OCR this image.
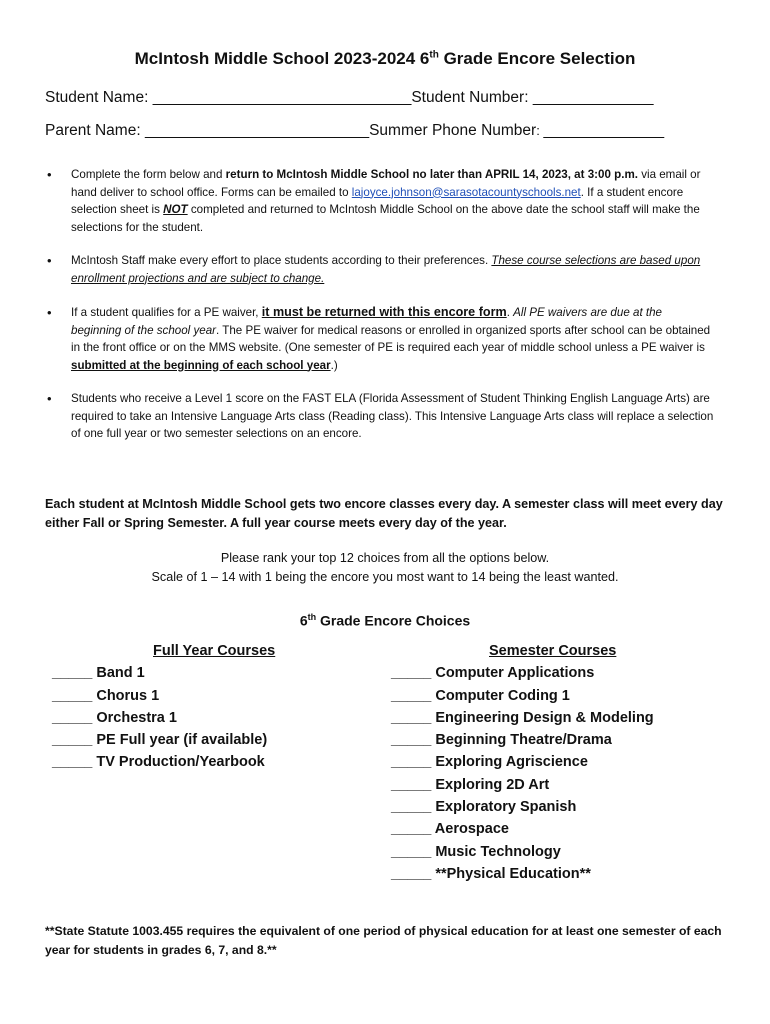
McIntosh Middle School 2023-2024 6th Grade Encore Selection
Student Name: ______________________________Student Number: ______________
Parent Name: __________________________Summer Phone Number: ______________
• Complete the form below and return to McIntosh Middle School no later than APRIL 14, 2023, at 3:00 p.m. via email or hand deliver to school office. Forms can be emailed to lajoyce.johnson@sarasotacountyschools.net. If a student encore selection sheet is NOT completed and returned to McIntosh Middle School on the above date the school staff will make the selections for the student.
• McIntosh Staff make every effort to place students according to their preferences. These course selections are based upon enrollment projections and are subject to change.
• If a student qualifies for a PE waiver, it must be returned with this encore form. All PE waivers are due at the beginning of the school year. The PE waiver for medical reasons or enrolled in organized sports after school can be obtained in the front office or on the MMS website. (One semester of PE is required each year of middle school unless a PE waiver is submitted at the beginning of each school year.)
• Students who receive a Level 1 score on the FAST ELA (Florida Assessment of Student Thinking English Language Arts) are required to take an Intensive Language Arts class (Reading class). This Intensive Language Arts class will replace a selection of one full year or two semester selections on an encore.
Each student at McIntosh Middle School gets two encore classes every day. A semester class will meet every day either Fall or Spring Semester. A full year course meets every day of the year.
Please rank your top 12 choices from all the options below.
Scale of 1 – 14 with 1 being the encore you most want to 14 being the least wanted.
6th Grade Encore Choices
Full Year Courses
_____ Band 1
_____ Chorus 1
_____ Orchestra 1
_____ PE Full year (if available)
_____ TV Production/Yearbook
Semester Courses
_____ Computer Applications
_____ Computer Coding 1
_____ Engineering Design & Modeling
_____ Beginning Theatre/Drama
_____ Exploring Agriscience
_____ Exploring 2D Art
_____ Exploratory Spanish
_____ Aerospace
_____ Music Technology
_____ **Physical Education**
**State Statute 1003.455 requires the equivalent of one period of physical education for at least one semester of each year for students in grades 6, 7, and 8.**
